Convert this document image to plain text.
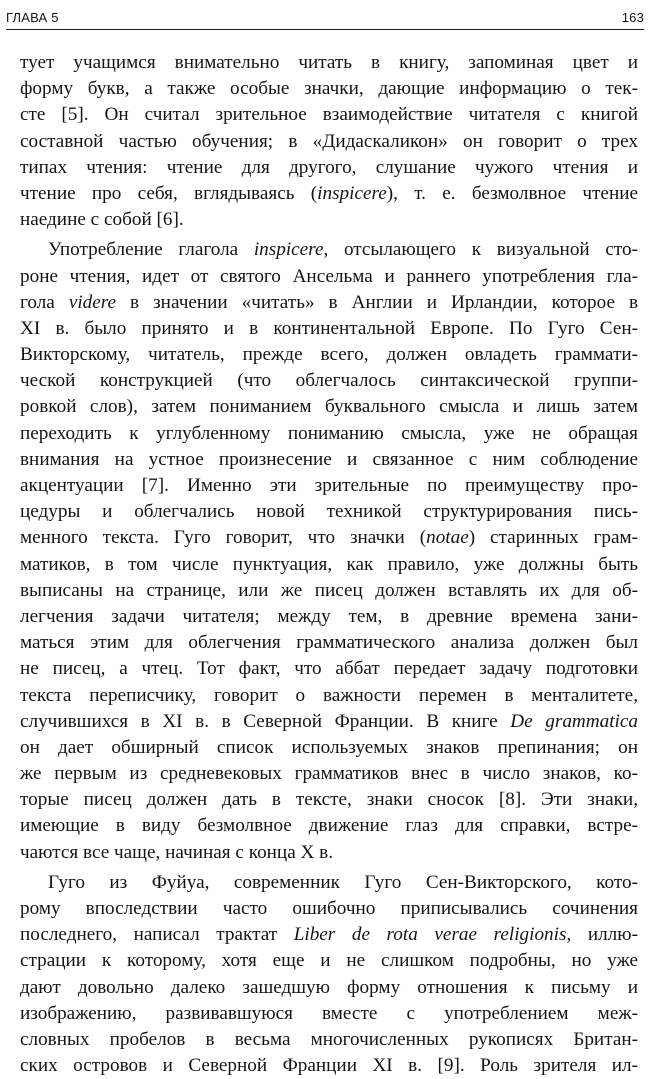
ГЛАВА 5	163
тует учащимся внимательно читать в книгу, запоминая цвет и
форму букв, а также особые значки, дающие информацию о тек-
сте [5]. Он считал зрительное взаимодействие читателя с книгой
составной частью обучения; в «Дидаскаликон» он говорит о трех
типах чтения: чтение для другого, слушание чужого чтения и
чтение про себя, вглядываясь (inspicere), т. е. безмолвное чтение
наедине с собой [6].
Употребление глагола inspicere, отсылающего к визуальной сто-
роне чтения, идет от святого Ансельма и раннего употребления гла-
гола videre в значении «читать» в Англии и Ирландии, которое в
XI в. было принято и в континентальной Европе. По Гуго Сен-
Викторскому, читатель, прежде всего, должен овладеть граммати-
ческой конструкцией (что облегчалось синтаксической группи-
ровкой слов), затем пониманием буквального смысла и лишь затем
переходить к углубленному пониманию смысла, уже не обращая
внимания на устное произнесение и связанное с ним соблюдение
акцентуации [7]. Именно эти зрительные по преимуществу про-
цедуры и облегчались новой техникой структурирования пись-
менного текста. Гуго говорит, что значки (notae) старинных грам-
матиков, в том числе пунктуация, как правило, уже должны быть
выписаны на странице, или же писец должен вставлять их для об-
легчения задачи читателя; между тем, в древние времена зани-
маться этим для облегчения грамматического анализа должен был
не писец, а чтец. Тот факт, что аббат передает задачу подготовки
текста переписчику, говорит о важности перемен в менталитете,
случившихся в XI в. в Северной Франции. В книге De grammatica
он дает обширный список используемых знаков препинания; он
же первым из средневековых грамматиков внес в число знаков, ко-
торые писец должен дать в тексте, знаки сносок [8]. Эти знаки,
имеющие в виду безмолвное движение глаз для справки, встре-
чаются все чаще, начиная с конца X в.
Гуго из Фуйуа, современник Гуго Сен-Викторского, кото-
рому впоследствии часто ошибочно приписывались сочинения
последнего, написал трактат Liber de rota verae religionis, иллю-
страции к которому, хотя еще и не слишком подробны, но уже
дают довольно далеко зашедшую форму отношения к письму и
изображению, развивавшуюся вместе с употреблением меж-
словных пробелов в весьма многочисленных рукописях Британ-
ских островов и Северной Франции XI в. [9]. Роль зрителя ил-
